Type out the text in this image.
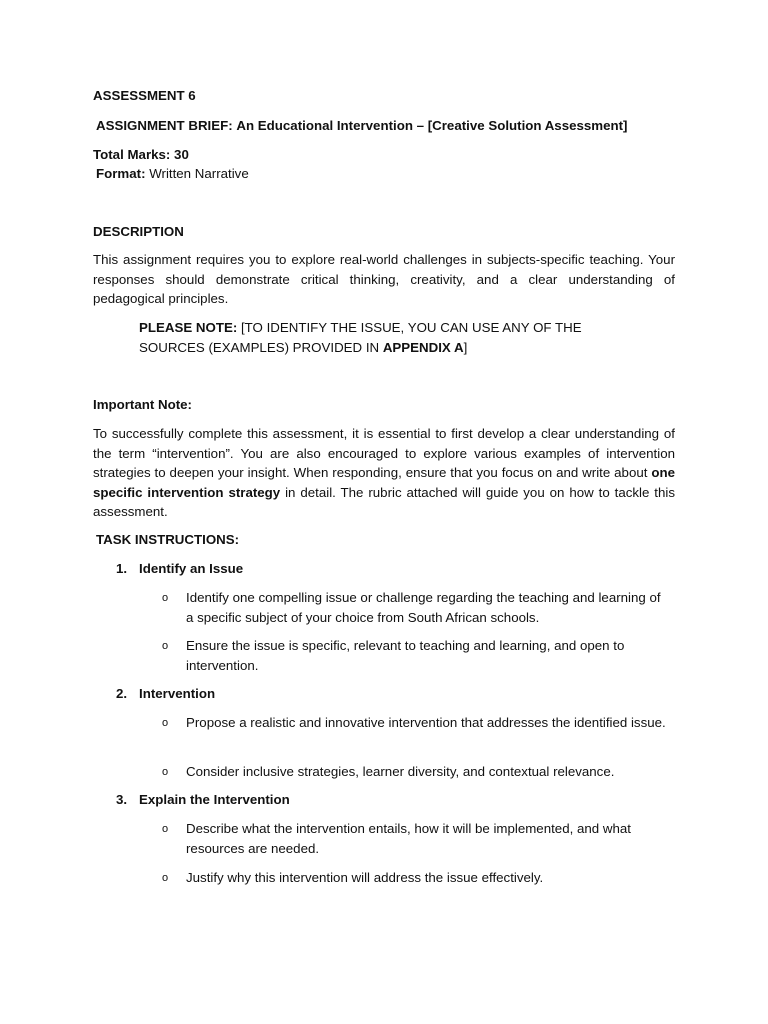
ASSESSMENT 6
ASSIGNMENT BRIEF: An Educational Intervention – [Creative Solution Assessment]
Total Marks: 30
Format: Written Narrative
DESCRIPTION
This assignment requires you to explore real-world challenges in subjects-specific teaching. Your responses should demonstrate critical thinking, creativity, and a clear understanding of pedagogical principles.
PLEASE NOTE: [TO IDENTIFY THE ISSUE, YOU CAN USE ANY OF THE SOURCES (EXAMPLES) PROVIDED IN APPENDIX A]
Important Note:
To successfully complete this assessment, it is essential to first develop a clear understanding of the term “intervention”. You are also encouraged to explore various examples of intervention strategies to deepen your insight. When responding, ensure that you focus on and write about one specific intervention strategy in detail. The rubric attached will guide you on how to tackle this assessment.
TASK INSTRUCTIONS:
1. Identify an Issue
o Identify one compelling issue or challenge regarding the teaching and learning of a specific subject of your choice from South African schools.
o Ensure the issue is specific, relevant to teaching and learning, and open to intervention.
2. Intervention
o Propose a realistic and innovative intervention that addresses the identified issue.
o Consider inclusive strategies, learner diversity, and contextual relevance.
3. Explain the Intervention
o Describe what the intervention entails, how it will be implemented, and what resources are needed.
o Justify why this intervention will address the issue effectively.
